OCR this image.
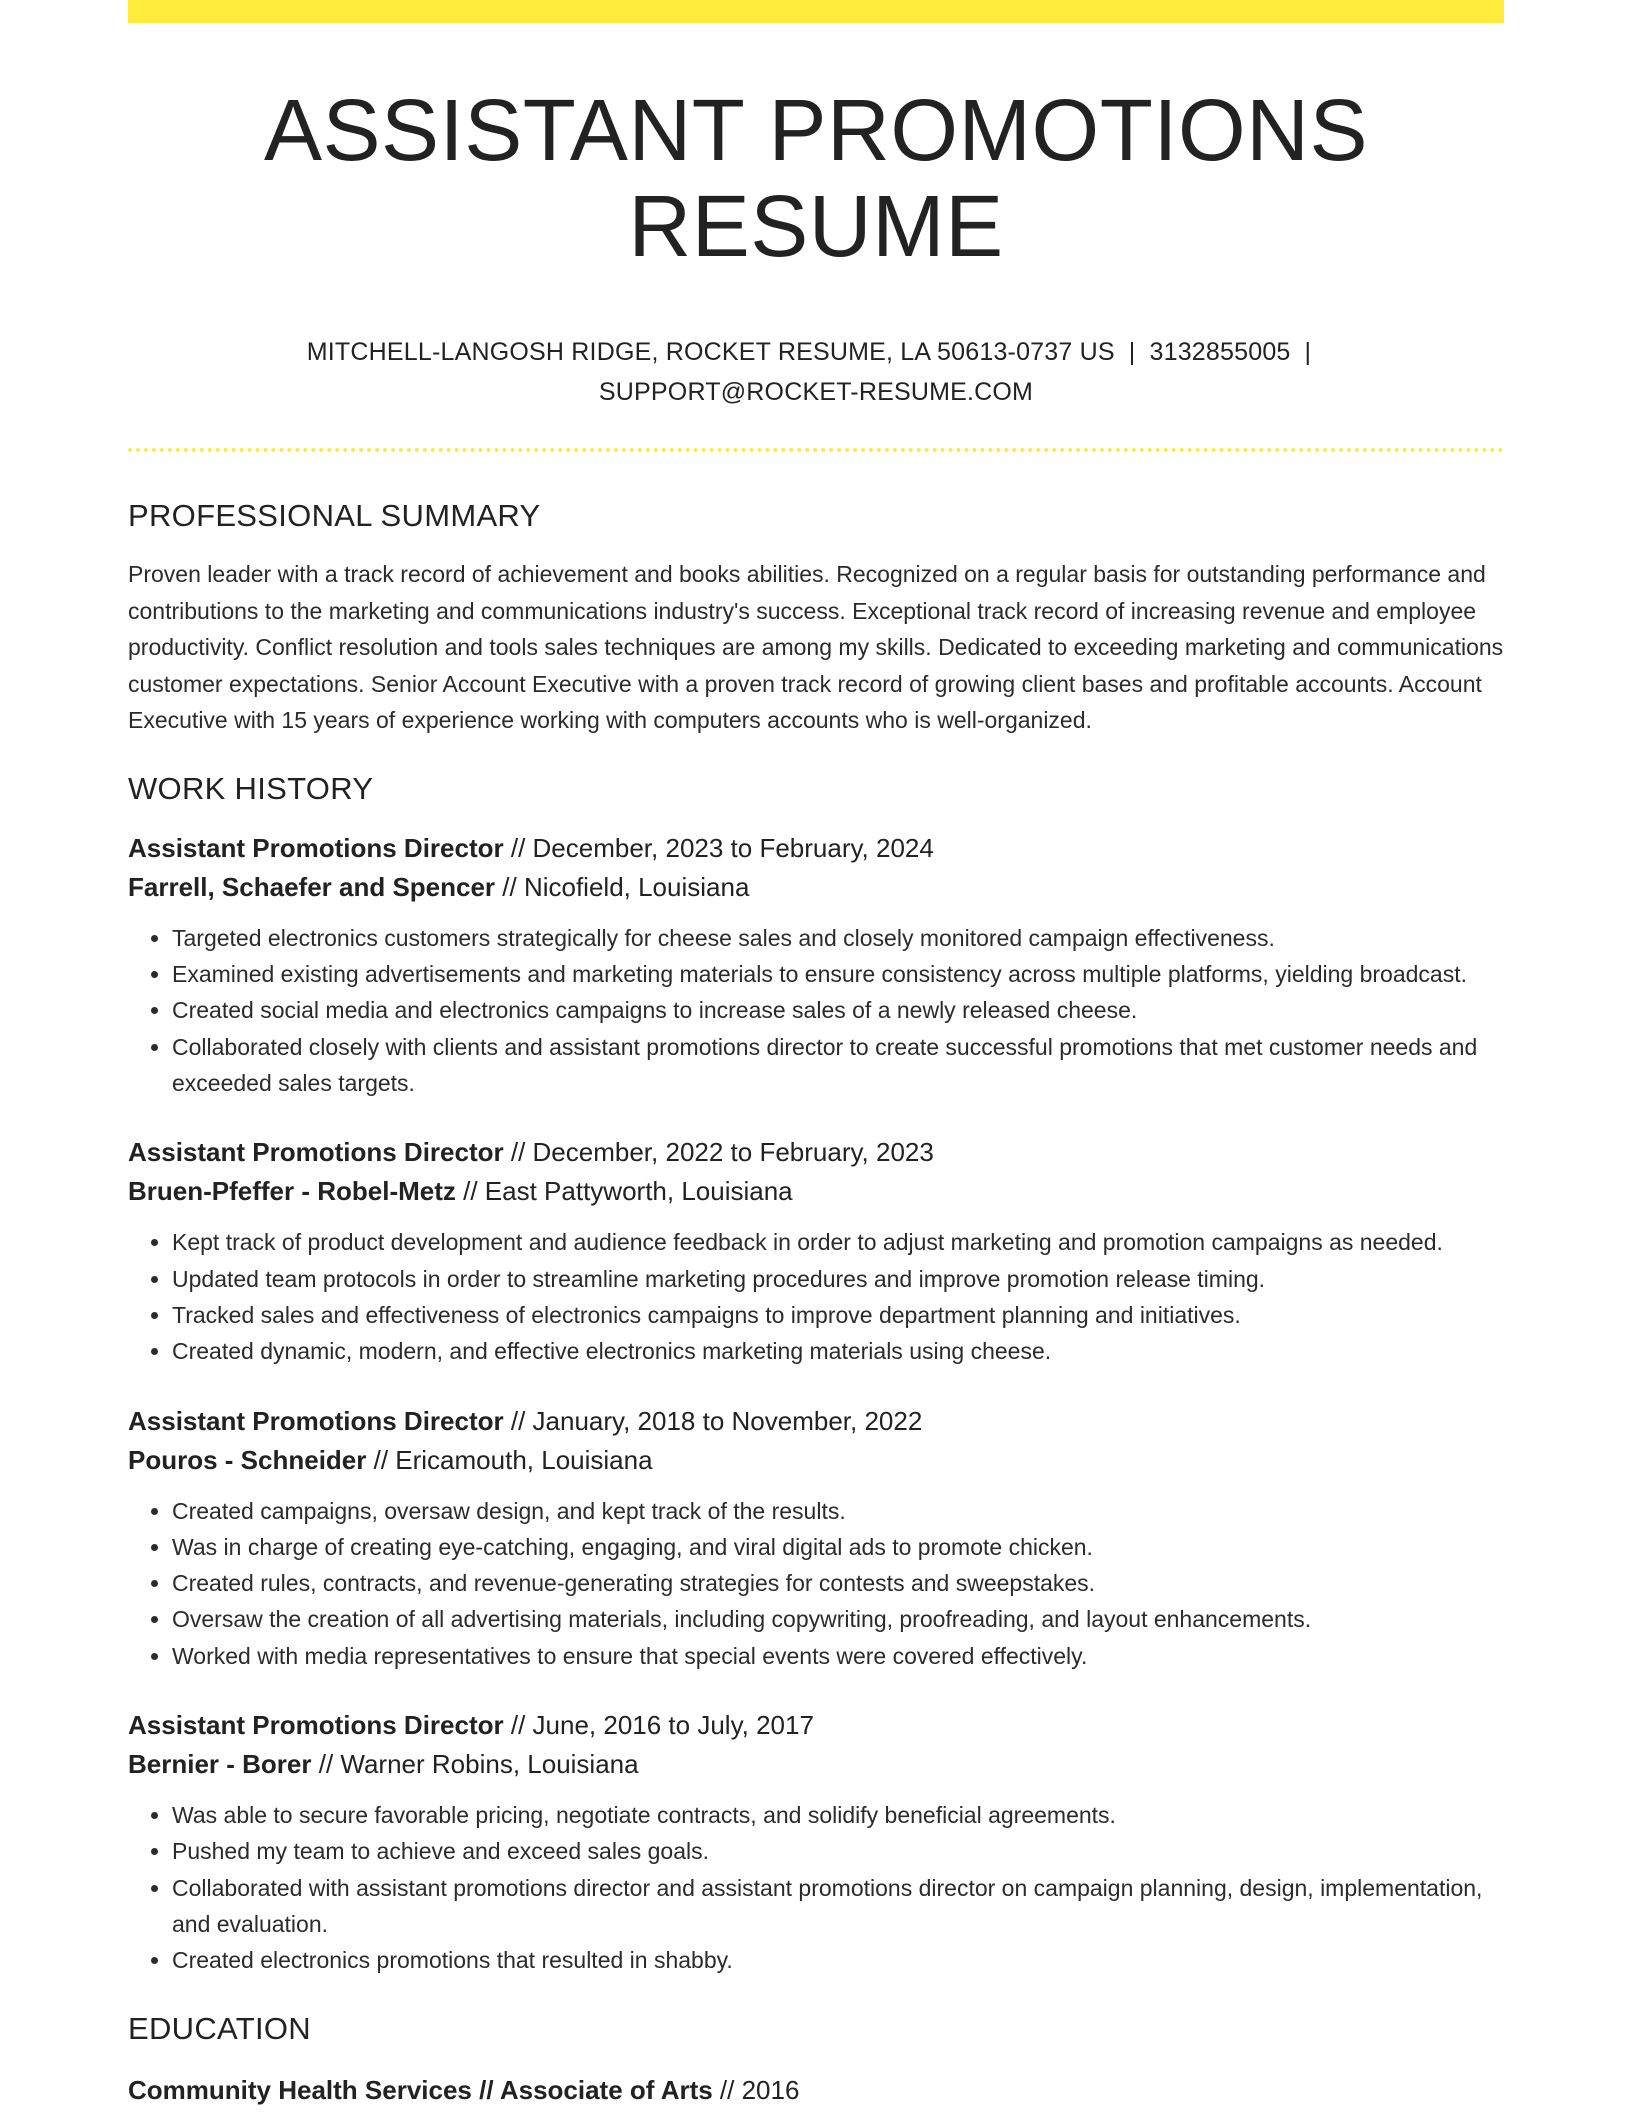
ASSISTANT PROMOTIONS RESUME
MITCHELL-LANGOSH RIDGE, ROCKET RESUME, LA 50613-0737 US | 3132855005 |
SUPPORT@ROCKET-RESUME.COM
PROFESSIONAL SUMMARY

Proven leader with a track record of achievement and books abilities. Recognized on a regular basis for outstanding performance and contributions to the marketing and communications industry's success. Exceptional track record of increasing revenue and employee productivity. Conflict resolution and tools sales techniques are among my skills. Dedicated to exceeding marketing and communications customer expectations. Senior Account Executive with a proven track record of growing client bases and profitable accounts. Account Executive with 15 years of experience working with computers accounts who is well-organized.

WORK HISTORY
Assistant Promotions Director // December, 2023 to February, 2024
Farrell, Schaefer and Spencer // Nicofield, Louisiana
• Targeted electronics customers strategically for cheese sales and closely monitored campaign effectiveness.
• Examined existing advertisements and marketing materials to ensure consistency across multiple platforms, yielding broadcast.
• Created social media and electronics campaigns to increase sales of a newly released cheese.
• Collaborated closely with clients and assistant promotions director to create successful promotions that met customer needs and exceeded sales targets.
Assistant Promotions Director // December, 2022 to February, 2023
Bruen-Pfeffer - Robel-Metz // East Pattyworth, Louisiana
• Kept track of product development and audience feedback in order to adjust marketing and promotion campaigns as needed.
• Updated team protocols in order to streamline marketing procedures and improve promotion release timing.
• Tracked sales and effectiveness of electronics campaigns to improve department planning and initiatives.
• Created dynamic, modern, and effective electronics marketing materials using cheese.
Assistant Promotions Director // January, 2018 to November, 2022
Pouros - Schneider // Ericamouth, Louisiana
• Created campaigns, oversaw design, and kept track of the results.
• Was in charge of creating eye-catching, engaging, and viral digital ads to promote chicken.
• Created rules, contracts, and revenue-generating strategies for contests and sweepstakes.
• Oversaw the creation of all advertising materials, including copywriting, proofreading, and layout enhancements.
• Worked with media representatives to ensure that special events were covered effectively.
Assistant Promotions Director // June, 2016 to July, 2017
Bernier - Borer // Warner Robins, Louisiana
• Was able to secure favorable pricing, negotiate contracts, and solidify beneficial agreements.
• Pushed my team to achieve and exceed sales goals.
• Collaborated with assistant promotions director and assistant promotions director on campaign planning, design, implementation, and evaluation.
• Created electronics promotions that resulted in shabby.
EDUCATION
Community Health Services // Associate of Arts // 2016
